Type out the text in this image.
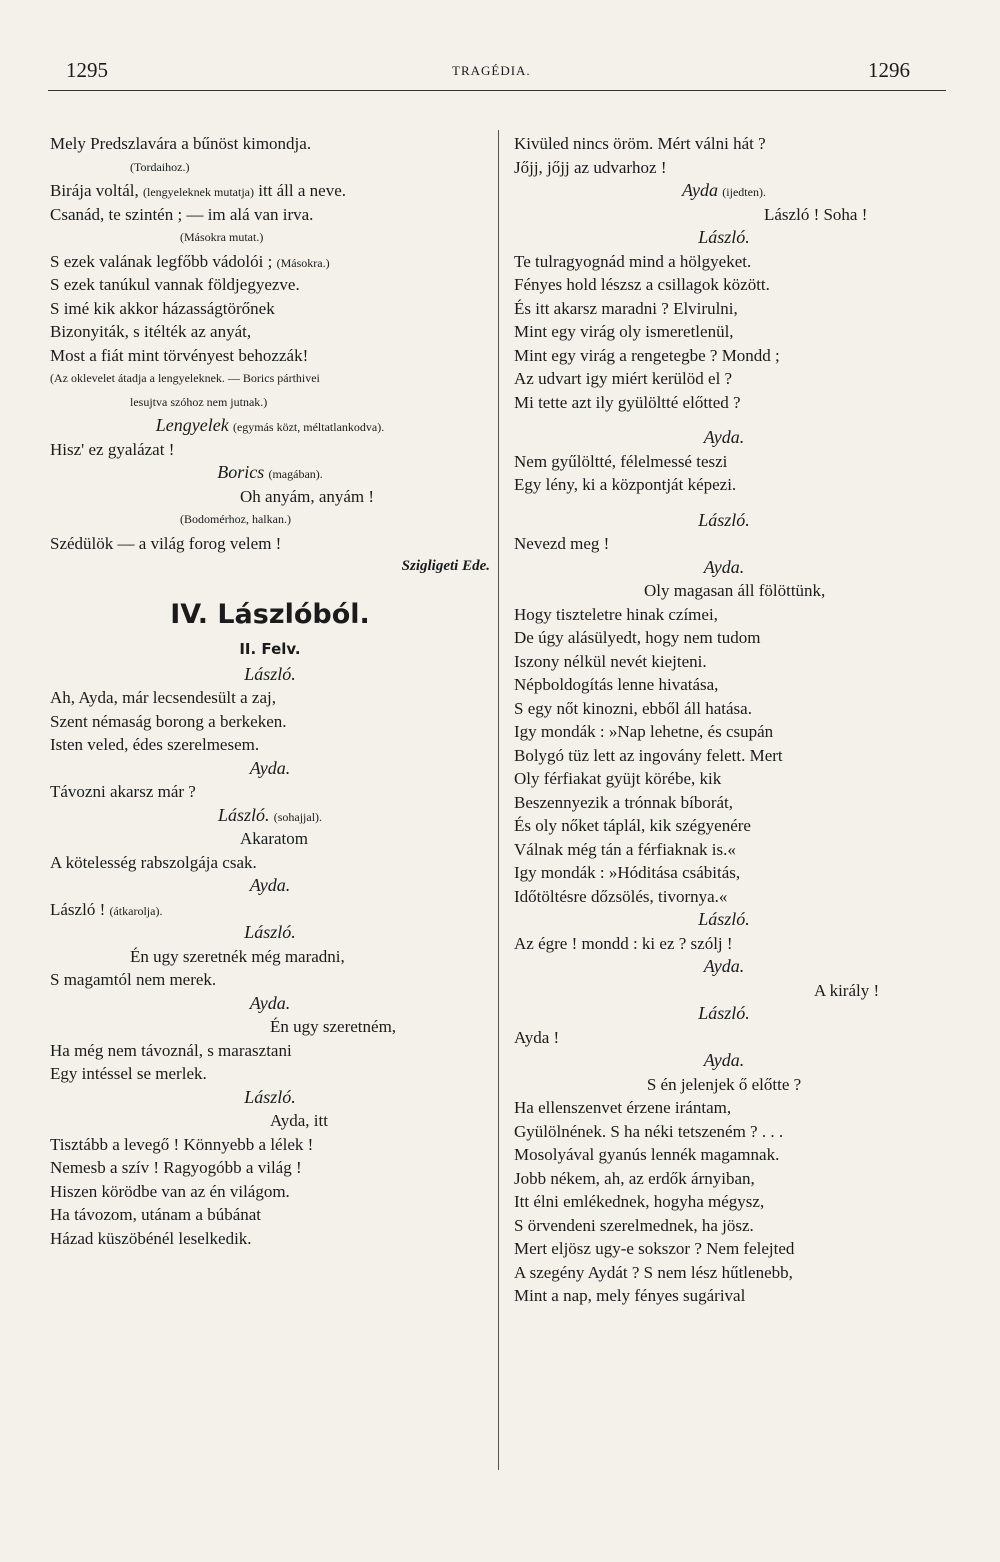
1295	TRAGÉDIA.	1296
Mely Predszlavára a bűnöst kimondja.
(Tordaihoz.)
Birája voltál, (lengyeleknek mutatja) itt áll a neve.
Csanád, te szintén ; — im alá van irva.
(Másokra mutat.)
S ezek valának legfőbb vádolói ; (Másokra.)
S ezek tanúkul vannak földjegyezve.
S imé kik akkor házasságtörőnek
Bizonyiták, s itélték az anyát,
Most a fiát mint törvényest behozzák!
(Az oklevelet átadja a lengyeleknek. — Borics párthivei
lesujtva szóhoz nem jutnak.)
Lengyelek (egymás közt, méltatlankodva).
Hisz' ez gyalázat !
Borics (magában).
Oh anyám, anyám !
(Bodomérhoz, halkan.)
Szédülök — a világ forog velem !
Szigligeti Ede.
IV. Lászlóból.
II. Felv.
László.
Ah, Ayda, már lecsendesült a zaj,
Szent némaság borong a berkeken.
Isten veled, édes szerelmesem.
Ayda.
Távozni akarsz már ?
László. (sohajjal).
Akaratom
A kötelesség rabszolgája csak.
Ayda.
László ! (átkarolja).
László.
Én ugy szeretnék még maradni,
S magamtól nem merek.
Ayda.
Én ugy szeretném,
Ha még nem távoznál, s marasztani
Egy intéssel se merlek.
László.
Ayda, itt
Tisztább a levegő ! Könnyebb a lélek !
Nemesb a szív ! Ragyogóbb a világ !
Hiszen körödbe van az én világom.
Ha távozom, utánam a búbánat
Házad küszöbénél leselkedik.
Kivüled nincs öröm. Mért válni hát ?
Jőjj, jőjj az udvarhoz !
Ayda (ijedten).
László ! Soha !
László.
Te tulragyognád mind a hölgyeket.
Fényes hold lészsz a csillagok között.
És itt akarsz maradni ? Elvirulni,
Mint egy virág oly ismeretlenül,
Mint egy virág a rengetegbe ? Mondd ;
Az udvart igy miért kerülöd el ?
Mi tette azt ily gyülöltté előtted ?
Ayda.
Nem gyűlöltté, félelmessé teszi
Egy lény, ki a központját képezi.
László.
Nevezd meg !
Ayda.
Oly magasan áll fölöttünk,
Hogy tiszteletre hinak czímei,
De úgy alásülyedt, hogy nem tudom
Iszony nélkül nevét kiejteni.
Népboldogítás lenne hivatása,
S egy nőt kinozni, ebből áll hatása.
Igy mondák : »Nap lehetne, és csupán
Bolygó tüz lett az ingovány felett. Mert
Oly férfiakat gyüjt körébe, kik
Beszennyezik a trónnak bíborát,
És oly nőket táplál, kik szégyenére
Válnak még tán a férfiaknak is.«
Igy mondák : »Hóditása csábitás,
Időtöltésre dőzsölés, tivornya.«
László.
Az égre ! mondd : ki ez ? szólj !
Ayda.
A király !
László.
Ayda !
Ayda.
S én jelenjek ő előtte ?
Ha ellenszenvet érzene irántam,
Gyülölnének. S ha néki tetszeném ? . . .
Mosolyával gyanús lennék magamnak.
Jobb nékem, ah, az erdők árnyiban,
Itt élni emlékednek, hogyha mégysz,
S örvendeni szerelmednek, ha jösz.
Mert eljösz ugy-e sokszor ? Nem felejted
A szegény Aydát ? S nem lész hűtlenebb,
Mint a nap, mely fényes sugárival
